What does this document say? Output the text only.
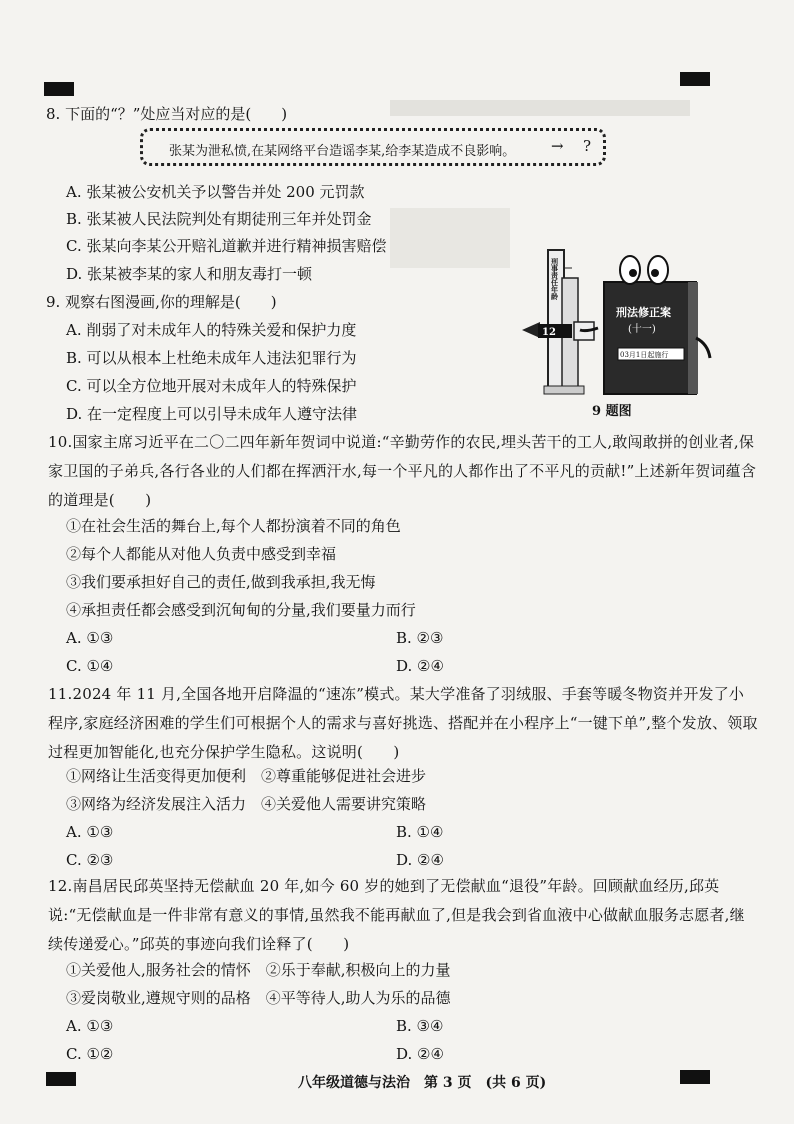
8. 下面的“？”处应当对应的是(　　)
张某为泄私愤,在某网络平台造谣李某,给李某造成不良影响。 → ?
A. 张某被公安机关予以警告并处 200 元罚款
B. 张某被人民法院判处有期徒刑三年并处罚金
C. 张某向李某公开赔礼道歉并进行精神损害赔偿
D. 张某被李某的家人和朋友毒打一顿
9. 观察右图漫画,你的理解是(　　)
A. 削弱了对未成年人的特殊关爱和保护力度
B. 可以从根本上杜绝未成年人违法犯罪行为
C. 可以全方位地开展对未成年人的特殊保护
D. 在一定程度上可以引导未成年人遵守法律
刑事责任年龄
12
刑法修正案
(十一)
03月1日起施行
9 题图
10.国家主席习近平在二〇二四年新年贺词中说道:“辛勤劳作的农民,埋头苦干的工人,敢闯敢拼的创业者,保家卫国的子弟兵,各行各业的人们都在挥洒汗水,每一个平凡的人都作出了不平凡的贡献!”上述新年贺词蕴含的道理是(　　)
①在社会生活的舞台上,每个人都扮演着不同的角色
②每个人都能从对他人负责中感受到幸福
③我们要承担好自己的责任,做到我承担,我无悔
④承担责任都会感受到沉甸甸的分量,我们要量力而行
A. ①③	B. ②③
C. ①④	D. ②④
11.2024 年 11 月,全国各地开启降温的“速冻”模式。某大学准备了羽绒服、手套等暖冬物资并开发了小程序,家庭经济困难的学生们可根据个人的需求与喜好挑选、搭配并在小程序上“一键下单”,整个发放、领取过程更加智能化,也充分保护学生隐私。这说明(　　)
①网络让生活变得更加便利　②尊重能够促进社会进步
③网络为经济发展注入活力　④关爱他人需要讲究策略
A. ①③	B. ①④
C. ②③	D. ②④
12.南昌居民邱英坚持无偿献血 20 年,如今 60 岁的她到了无偿献血“退役”年龄。回顾献血经历,邱英说:“无偿献血是一件非常有意义的事情,虽然我不能再献血了,但是我会到省血液中心做献血服务志愿者,继续传递爱心。”邱英的事迹向我们诠释了(　　)
①关爱他人,服务社会的情怀　②乐于奉献,积极向上的力量
③爱岗敬业,遵规守则的品格　④平等待人,助人为乐的品德
A. ①③	B. ③④
C. ①②	D. ②④
八年级道德与法治　第 3 页　(共 6 页)
